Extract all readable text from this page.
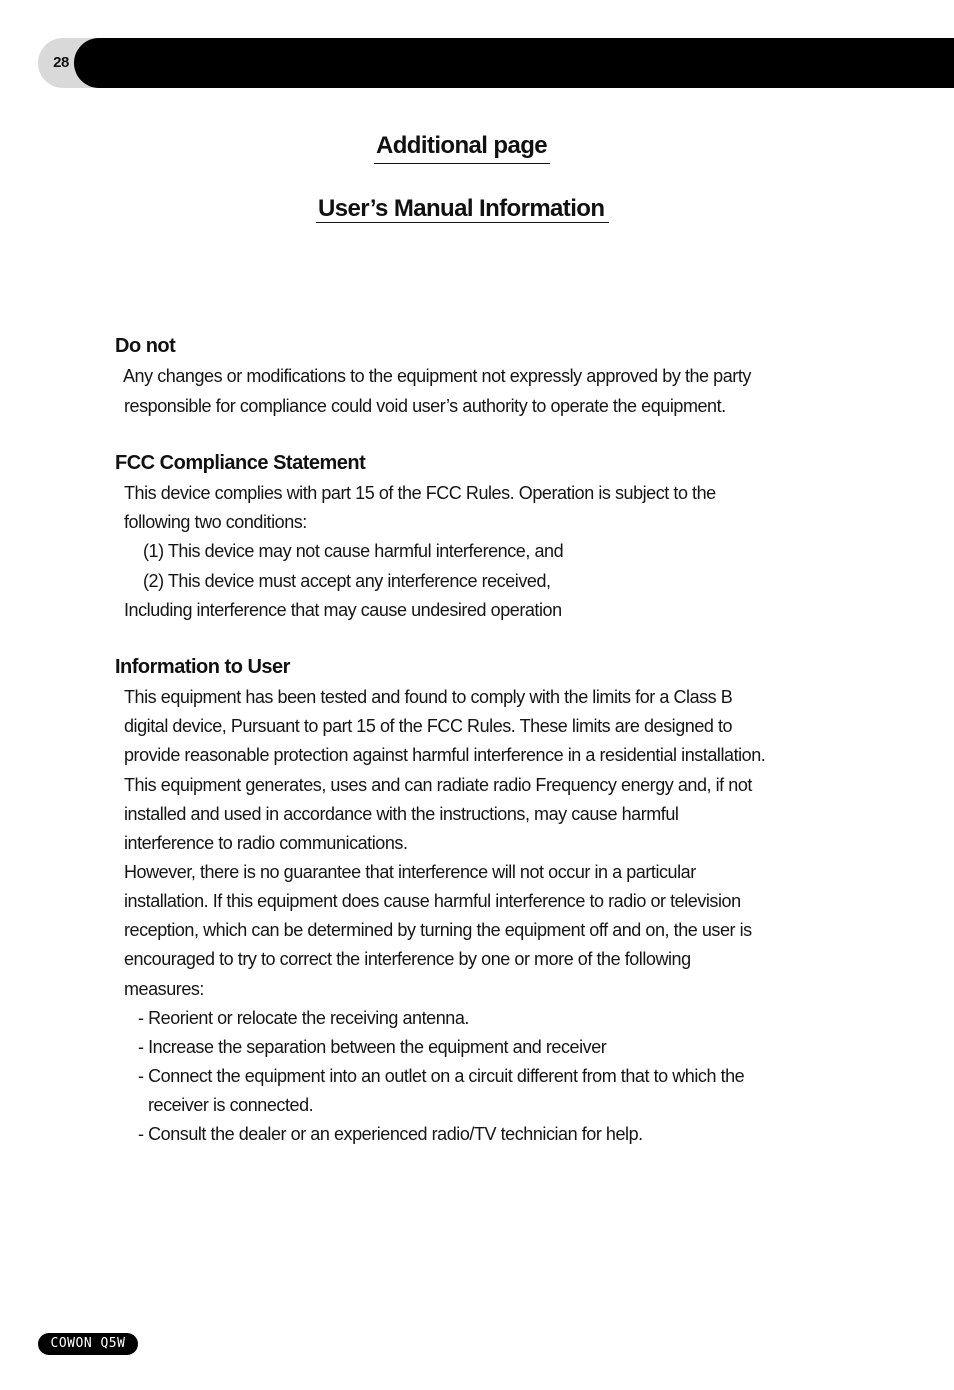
28
Additional page
User’s Manual Information
Do not
Any changes or modifications to the equipment not expressly approved by the party
responsible for compliance could void user’s authority to operate the equipment.
FCC Compliance Statement
This device complies with part 15 of the FCC Rules. Operation is subject to the
following two conditions:
(1) This device may not cause harmful interference, and
(2) This device must accept any interference received,
Including interference that may cause undesired operation
Information to User
This equipment has been tested and found to comply with the limits for a Class B
digital device, Pursuant to part 15 of the FCC Rules. These limits are designed to
provide reasonable protection against harmful interference in a residential installation.
This equipment generates, uses and can radiate radio Frequency energy and, if not
installed and used in accordance with the instructions, may cause harmful
interference to radio communications.
However, there is no guarantee that interference will not occur in a particular
installation. If this equipment does cause harmful interference to radio or television
reception, which can be determined by turning the equipment off and on, the user is
encouraged to try to correct the interference by one or more of the following
measures:
- Reorient or relocate the receiving antenna.
- Increase the separation between the equipment and receiver
- Connect the equipment into an outlet on a circuit different from that to which the
receiver is connected.
- Consult the dealer or an experienced radio/TV technician for help.
COWON Q5W
